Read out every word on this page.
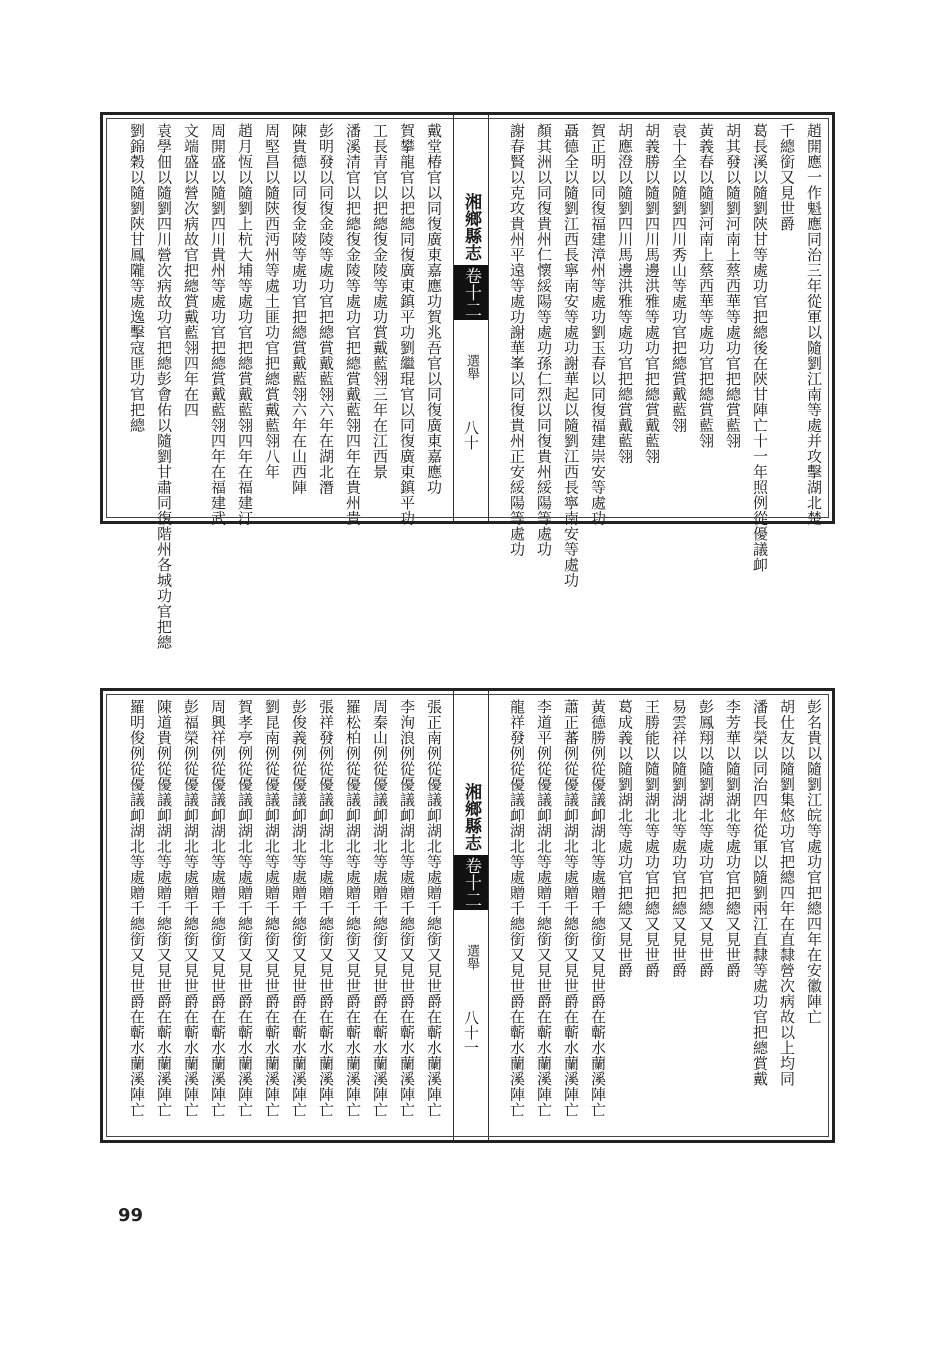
湘鄉縣志卷十二選舉八十	趙開應一作魁應同治三年從軍以隨劉江南等處并攻擊湖北楚
千總銜又見世爵
葛長溪以隨劉陝甘等處功官把總後在陝甘陣亡十一年照例從優議卹
胡其發以隨劉河南上蔡西華等處功官把總賞藍翎
黃義春以隨劉河南上蔡西華等處功官把總賞藍翎
袁十全以隨劉四川秀山等處功官把總賞戴藍翎
胡義勝以隨劉四川馬邊洪雅等處功官把總賞戴藍翎
胡應澄以隨劉四川馬邊洪雅等處功官把總賞戴藍翎
賀正明以同復福建漳州等處功劉玉春以同復福建崇安等處功
聶德全以隨劉江西長寧南安等處功謝華起以隨劉江西長寧南安等處功
顏其洲以同復貴州仁懷綏陽等處功孫仁烈以同復貴州綏陽等處功
謝春賢以克攻貴州平遠等處功謝華峯以同復貴州正安綏陽等處功
戴堂椿官以同復廣東嘉應功賀兆吾官以同復廣東嘉應功
賀攀龍官以把總同復廣東鎮平功劉繼琨官以同復廣東鎮平功
工長青官以把總復金陵等處功賞戴藍翎三年在江西景
潘溪清官以把總復金陵等處功官把總賞戴藍翎四年在貴州貴
彭明發以同復金陵等處功官把總賞戴藍翎六年在湖北潛
陳貴德以同復金陵等處功官把總賞戴藍翎六年在山西陣
周堅昌以隨陝西沔州等處土匪功官把總賞戴藍翎八年
趙月恆以隨劉上杭大埔等處功官把總賞戴藍翎四年在福建汀
周開盛以隨劉四川貴州等處功官把總賞戴藍翎四年在福建武
文端盛以營次病故官把總賞戴藍翎四年在四
袁學佃以隨劉四川營次病故功官把總彭會佑以隨劉甘肅同復階州各城功官把總
劉錦穀以隨劉陝甘鳳隴等處逸擊寇匪功官把總
湘鄉縣志卷十二選舉八十一
彭名貴以隨劉江皖等處功官把總四年在安徽陣亡
胡仕友以隨劉集悠功官把總四年在直隸營次病故以上均同
潘長榮以同治四年從軍以隨劉兩江直隸等處功官把總賞戴
李芳華以隨劉湖北等處功官把總又見世爵
彭鳳翔以隨劉湖北等處功官把總又見世爵
易雲祥以隨劉湖北等處功官把總又見世爵
王勝能以隨劉湖北等處功官把總又見世爵
葛成義以隨劉湖北等處功官把總又見世爵
黃德勝例從優議卹湖北等處贈千總銜又見世爵在蘄水蘭溪陣亡
蕭正蕃例從優議卹湖北等處贈千總銜又見世爵在蘄水蘭溪陣亡
李道平例從優議卹湖北等處贈千總銜又見世爵在蘄水蘭溪陣亡
龍祥發例從優議卹湖北等處贈千總銜又見世爵在蘄水蘭溪陣亡
張正南例從優議卹湖北等處贈千總銜又見世爵在蘄水蘭溪陣亡
李洵浪例從優議卹湖北等處贈千總銜又見世爵在蘄水蘭溪陣亡
周秦山例從優議卹湖北等處贈千總銜又見世爵在蘄水蘭溪陣亡
羅松柏例從優議卹湖北等處贈千總銜又見世爵在蘄水蘭溪陣亡
張祥發例從優議卹湖北等處贈千總銜又見世爵在蘄水蘭溪陣亡
彭俊義例從優議卹湖北等處贈千總銜又見世爵在蘄水蘭溪陣亡
劉昆南例從優議卹湖北等處贈千總銜又見世爵在蘄水蘭溪陣亡
賀孝亭例從優議卹湖北等處贈千總銜又見世爵在蘄水蘭溪陣亡
周興祥例從優議卹湖北等處贈千總銜又見世爵在蘄水蘭溪陣亡
彭福榮例從優議卹湖北等處贈千總銜又見世爵在蘄水蘭溪陣亡
陳道貴例從優議卹湖北等處贈千總銜又見世爵在蘄水蘭溪陣亡
羅明俊例從優議卹湖北等處贈千總銜又見世爵在蘄水蘭溪陣亡
99
